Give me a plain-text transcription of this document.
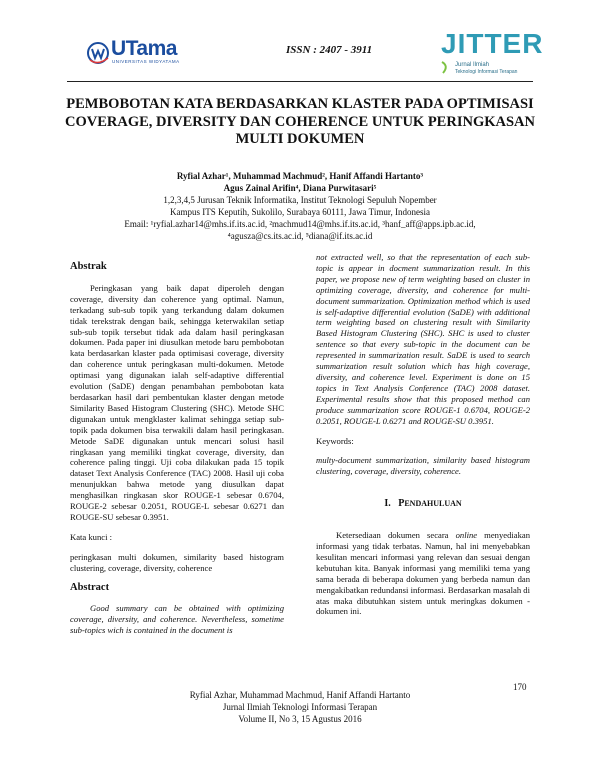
UTama
UNIVERSITAS WIDYATAMA
ISSN : 2407 - 3911 JITTER
Jurnal Ilmiah
Teknologi Informasi Terapan
PEMBOBOTAN KATA BERDASARKAN KLASTER PADA OPTIMISASI COVERAGE, DIVERSITY DAN COHERENCE UNTUK PERINGKASAN MULTI DOKUMEN
Ryfial Azhar¹, Muhammad Machmud², Hanif Affandi Hartanto³
Agus Zainal Arifin⁴, Diana Purwitasari⁵
1,2,3,4,5 Jurusan Teknik Informatika, Institut Teknologi Sepuluh Nopember
Kampus ITS Keputih, Sukolilo, Surabaya 60111, Jawa Timur, Indonesia
Email: ¹ryfial.azhar14@mhs.if.its.ac.id, ²machmud14@mhs.if.its.ac.id, ³hanf_aff@apps.ipb.ac.id,
⁴agusza@cs.its.ac.id, ⁵diana@if.its.ac.id
Abstrak

Peringkasan yang baik dapat diperoleh dengan coverage, diversity dan coherence yang optimal. Namun, terkadang sub-sub topik yang terkandung dalam dokumen tidak terekstrak dengan baik, sehingga keterwakilan setiap sub-sub topik tersebut tidak ada dalam hasil peringkasan dokumen. Pada paper ini diusulkan metode baru pembobotan kata berdasarkan klaster pada optimisasi coverage, diversity dan coherence untuk peringkasan multi-dokumen. Metode optimasi yang digunakan ialah self-adaptive differential evolution (SaDE) dengan penambahan pembobotan kata berdasarkan hasil dari pembentukan klaster dengan metode Similarity Based Histogram Clustering (SHC). Metode SHC digunakan untuk mengklaster kalimat sehingga setiap sub-topik pada dokumen bisa terwakili dalam hasil peringkasan. Metode SaDE digunakan untuk mencari solusi hasil ringkasan yang memiliki tingkat coverage, diversity, dan coherence paling tinggi. Uji coba dilakukan pada 15 topik dataset Text Analysis Conference (TAC) 2008. Hasil uji coba menunjukkan bahwa metode yang diusulkan dapat menghasilkan ringkasan skor ROUGE-1 sebesar 0.6704, ROUGE-2 sebesar 0.2051, ROUGE-L sebesar 0.6271 dan ROUGE-SU sebesar 0.3951.

Kata kunci :

peringkasan multi dokumen, similarity based histogram clustering, coverage, diversity, coherence

Abstract

Good summary can be obtained with optimizing coverage, diversity, and coherence. Nevertheless, sometime sub-topics wich is contained in the document is

not extracted well, so that the representation of each sub-topic is appear in docment summarization result. In this paper, we propose new of term weighting based on cluster in optimizing coverage, diversity, and coherence for multi-document summarization. Optimization method which is used is self-adaptive differential evolution (SaDE) with additional term weighting based on clustering result with Similarity Based Histogram Clustering (SHC). SHC is used to cluster sentence so that every sub-topic in the document can be represented in summarization result. SaDE is used to search summarization result solution which has high coverage, diversity, and coherence level. Experiment is done on 15 topics in Text Analysis Conference (TAC) 2008 dataset. Experimental results show that this proposed method can produce summarization score ROUGE-1 0.6704, ROUGE-2 0.2051, ROUGE-L 0.6271 and ROUGE-SU 0.3951.

Keywords:

multy-document summarization, similarity based histogram clustering, coverage, diversity, coherence.

I. PENDAHULUAN

Ketersediaan dokumen secara online menyediakan informasi yang tidak terbatas. Namun, hal ini menyebabkan kesulitan mencari informasi yang relevan dan sesuai dengan kebutuhan kita. Banyak informasi yang memiliki tema yang sama berada di beberapa dokumen yang berbeda namun dan mengakibatkan redundansi informasi. Berdasarkan masalah di atas maka dibutuhkan sistem untuk meringkas dokumen - dokumen ini.

170
Ryfial Azhar, Muhammad Machmud, Hanif Affandi Hartanto
Jurnal Ilmiah Teknologi Informasi Terapan
Volume II, No 3, 15 Agustus 2016
